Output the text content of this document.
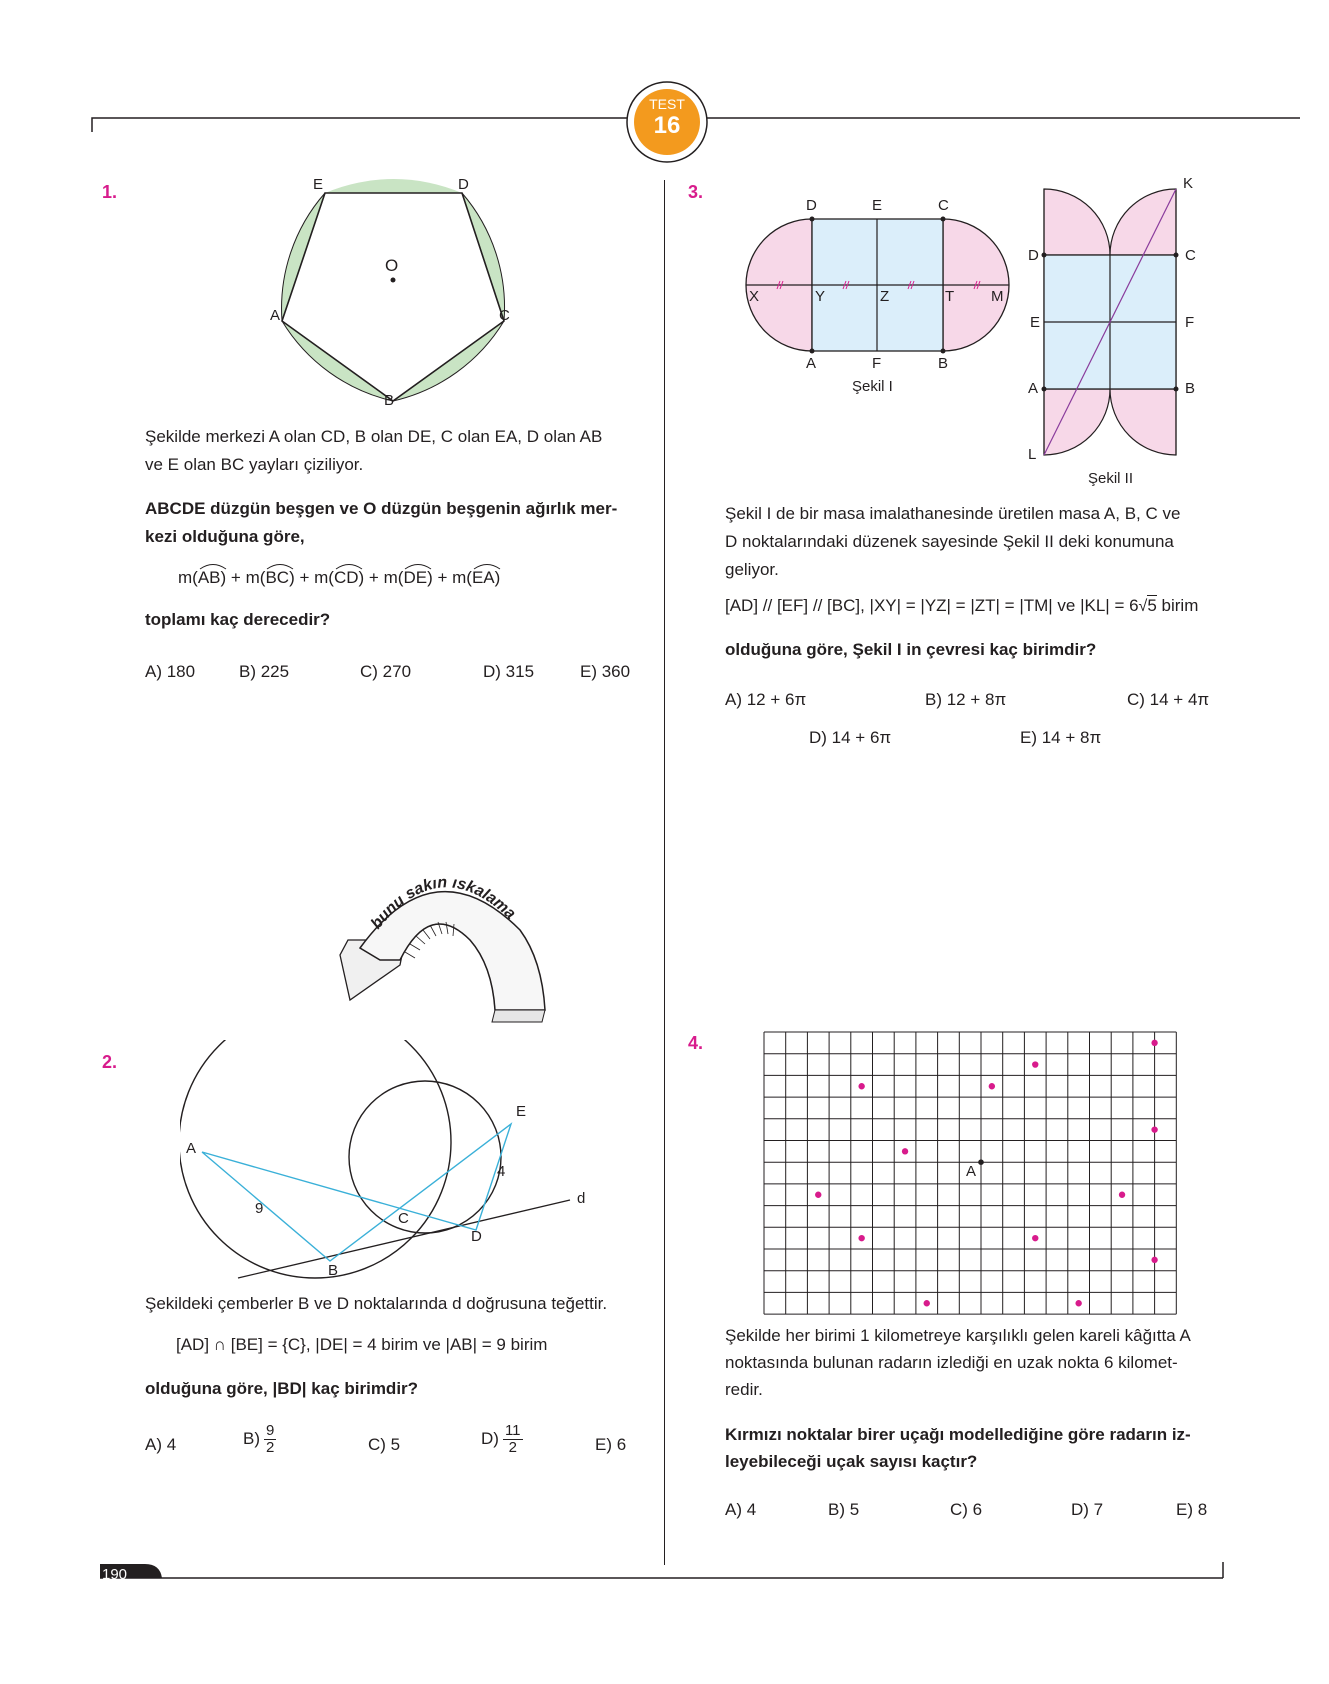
TEST
16
1.	E	D
O
A	C
B
Şekilde merkezi A olan CD, B olan DE, C olan EA, D olan AB
ve E olan BC yayları çiziliyor.
ABCDE düzgün beşgen ve O düzgün beşgenin ağırlık mer-
kezi olduğuna göre,
m(
AB) + m(
BC) + m(
CD) + m(
DE) + m(
EA)
toplamı kaç derecedir?
A) 180	B) 225	C) 270	D) 315	E) 360
bunu sakın ıskalama
2.
A
E
4
d
9
C
D
B
Şekildeki çemberler B ve D noktalarında d doğrusuna teğettir.
[AD] ∩ [BE] = {C}, |DE| = 4 birim ve |AB| = 9 birim
olduğuna göre, |BD| kaç birimdir?
A) 4	$B) \frac{9}{2}$	C) 5	$D) \frac{11}{2}$	E) 6
3.
D	E	C
X	Y	Z	T M
A	F	B
Şekil I
K
D	C
E	F
A	B
L
Şekil II
Şekil I de bir masa imalathanesinde üretilen masa A, B, C ve
D noktalarındaki düzenek sayesinde Şekil II deki konumuna
geliyor.
[AD] // [EF] // [BC], |XY| = |YZ| = |ZT| = |TM| ve |KL| = 6√5 birim
olduğuna göre, Şekil I in çevresi kaç birimdir?
A) 12 + 6π	B) 12 + 8π	C) 14 + 4π
D) 14 + 6π	E) 14 + 8π
4.
A
Şekilde her birimi 1 kilometreye karşılıklı gelen kareli kâğıtta A
noktasında bulunan radarın izlediği en uzak nokta 6 kilomet-
redir.
Kırmızı noktalar birer uçağı modellediğine göre radarın iz-
leyebileceği uçak sayısı kaçtır?
A) 4	B) 5	C) 6	D) 7	E) 8
190
